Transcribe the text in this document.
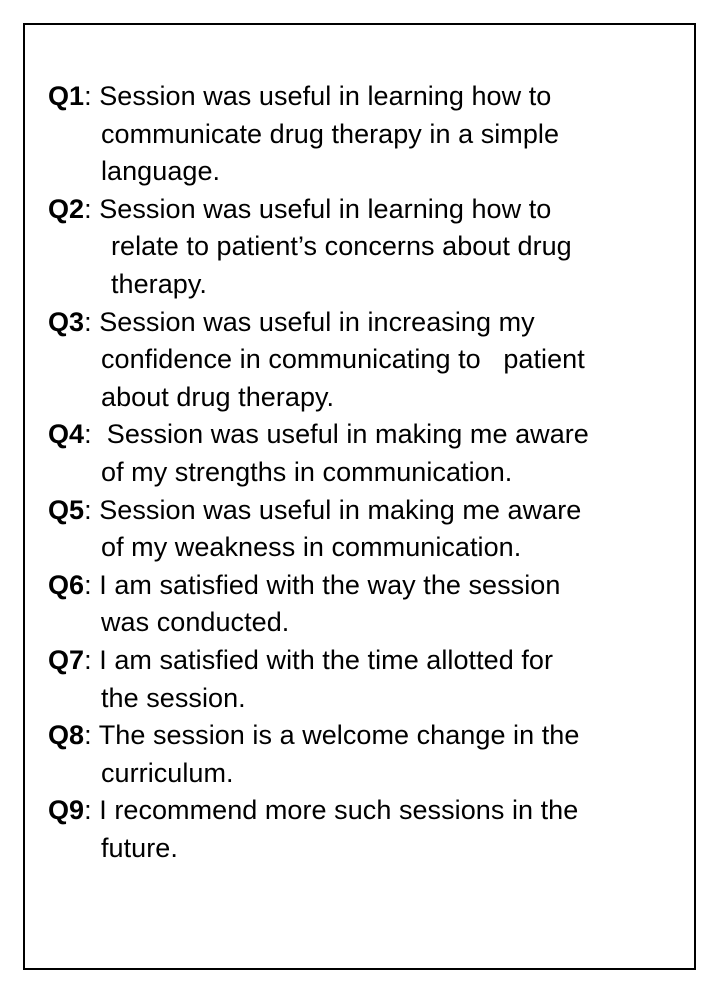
Q1: Session was useful in learning how to
communicate drug therapy in a simple
language.
Q2: Session was useful in learning how to
relate to patient’s concerns about drug
therapy.
Q3: Session was useful in increasing my
confidence in communicating to   patient
about drug therapy.
Q4:  Session was useful in making me aware
of my strengths in communication.
Q5: Session was useful in making me aware
of my weakness in communication.
Q6: I am satisfied with the way the session
was conducted.
Q7: I am satisfied with the time allotted for
the session.
Q8: The session is a welcome change in the
curriculum.
Q9: I recommend more such sessions in the
future.
